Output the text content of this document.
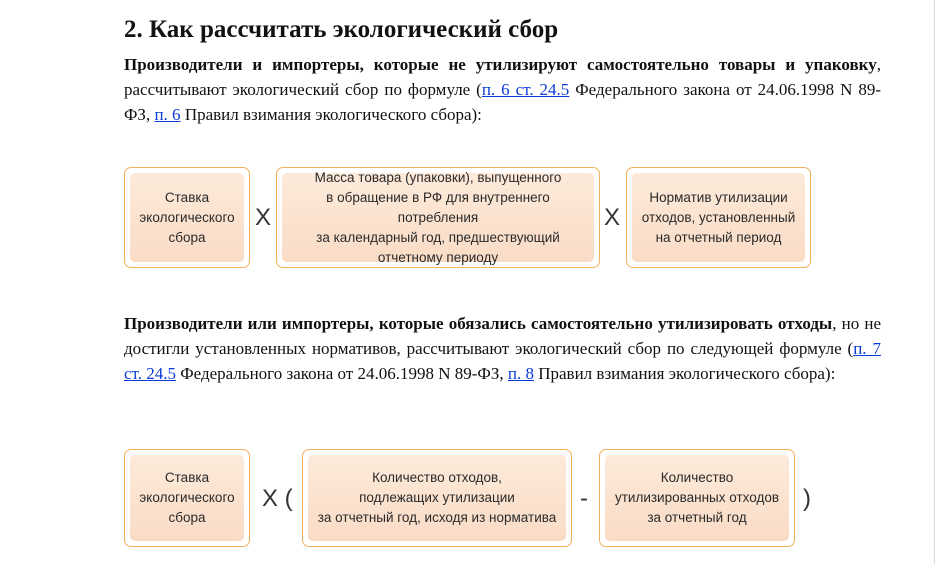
2. Как рассчитать экологический сбор

Производители и импортеры, которые не утилизируют самостоятельно товары и упаковку, рассчитывают экологический сбор по формуле (п. 6 ст. 24.5 Федерального закона от 24.06.1998 N 89-ФЗ, п. 6 Правил взимания экологического сбора):

Ставка
экологического
сбора
X
Масса товара (упаковки), выпущенного
в обращение в РФ для внутреннего потребления
за календарный год, предшествующий
отчетному периоду
X
Норматив утилизации
отходов, установленный
на отчетный период

Производители или импортеры, которые обязались самостоятельно утилизировать отходы, но не достигли установленных нормативов, рассчитывают экологический сбор по следующей формуле (п. 7 ст. 24.5 Федерального закона от 24.06.1998 N 89-ФЗ, п. 8 Правил взимания экологического сбора):

Ставка
экологического
сбора
X (
Количество отходов,
подлежащих утилизации
за отчетный год, исходя из норматива
-
Количество
утилизированных отходов
за отчетный год
)
